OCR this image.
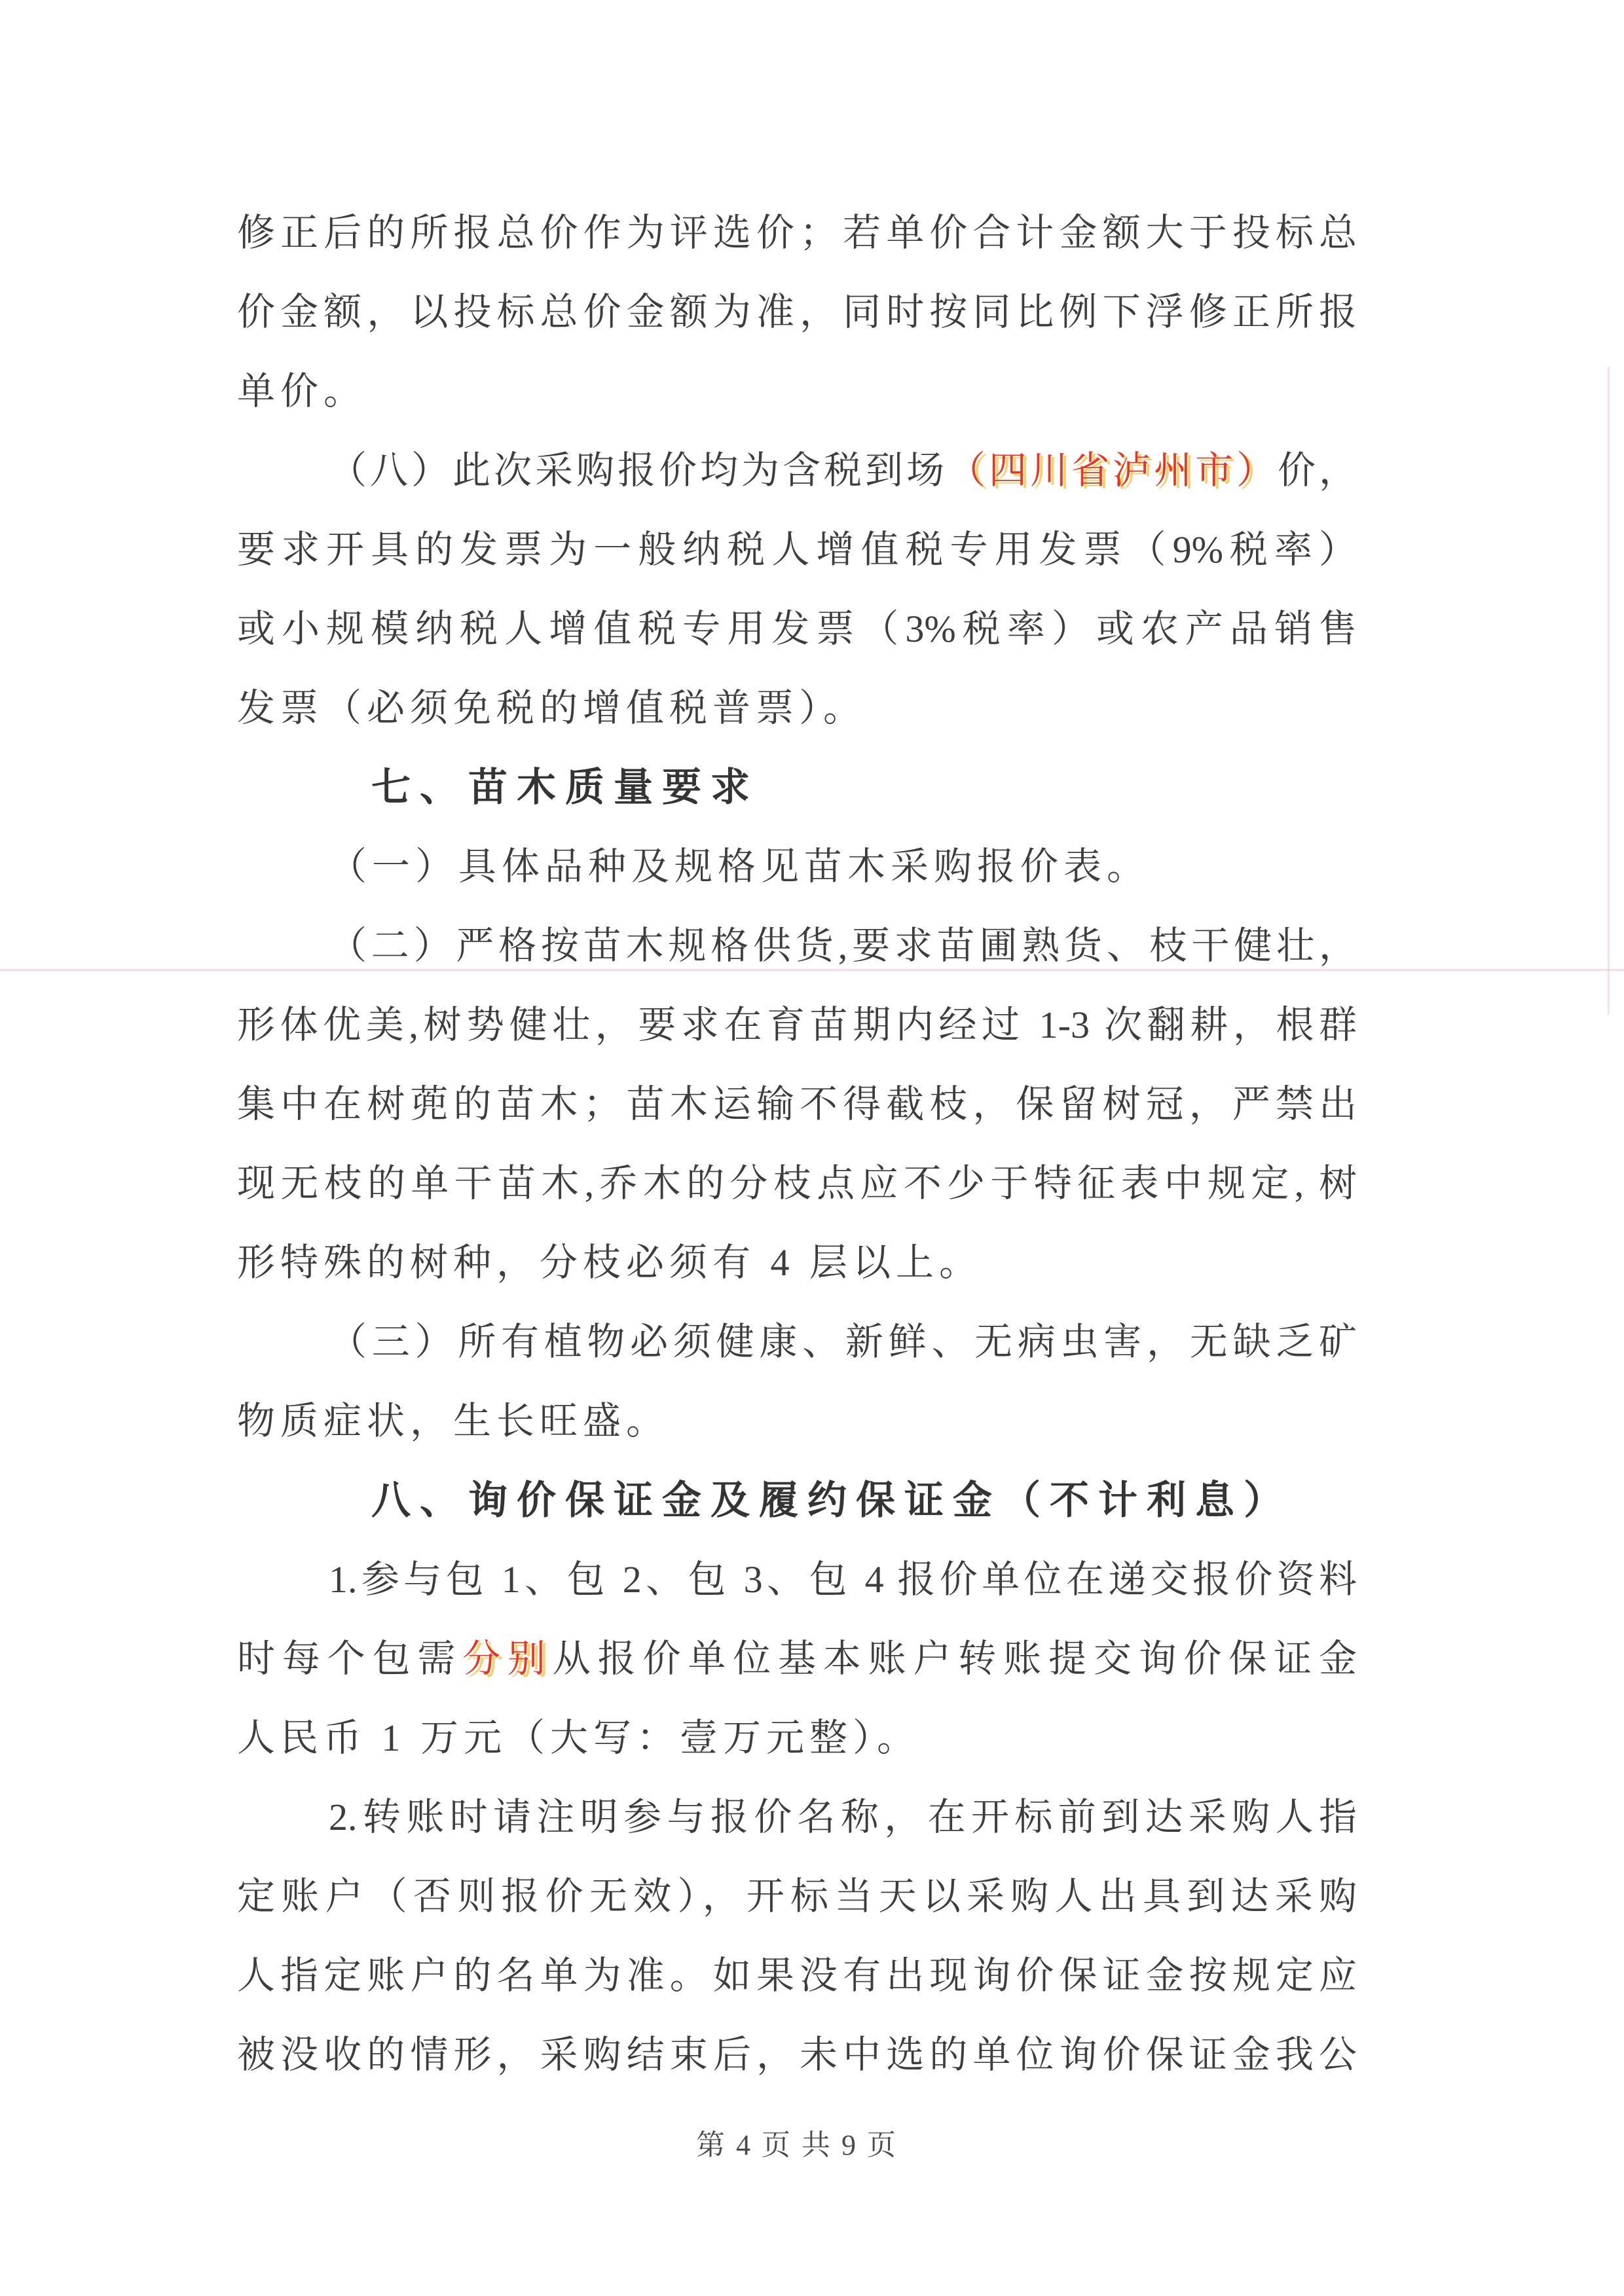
修正后的所报总价作为评选价；若单价合计金额大于投标总
价金额，以投标总价金额为准，同时按同比例下浮修正所报
单价。
（八）此次采购报价均为含税到场（四川省泸州市）价，
要求开具的发票为一般纳税人增值税专用发票（9%税率）
或小规模纳税人增值税专用发票（3%税率）或农产品销售
发票（必须免税的增值税普票）。
七、苗木质量要求
（一）具体品种及规格见苗木采购报价表。
（二）严格按苗木规格供货,要求苗圃熟货、枝干健壮，
形体优美,树势健壮，要求在育苗期内经过 1-3 次翻耕，根群
集中在树蔸的苗木；苗木运输不得截枝，保留树冠，严禁出
现无枝的单干苗木,乔木的分枝点应不少于特征表中规定, 树
形特殊的树种，分枝必须有 4 层以上。
（三）所有植物必须健康、新鲜、无病虫害，无缺乏矿
物质症状，生长旺盛。
八、询价保证金及履约保证金（不计利息）
1.参与包 1、包 2、包 3、包 4 报价单位在递交报价资料
时每个包需分别从报价单位基本账户转账提交询价保证金
人民币 1 万元（大写：壹万元整）。
2.转账时请注明参与报价名称，在开标前到达采购人指
定账户（否则报价无效），开标当天以采购人出具到达采购
人指定账户的名单为准。如果没有出现询价保证金按规定应
被没收的情形，采购结束后，未中选的单位询价保证金我公
第 4 页 共 9 页
